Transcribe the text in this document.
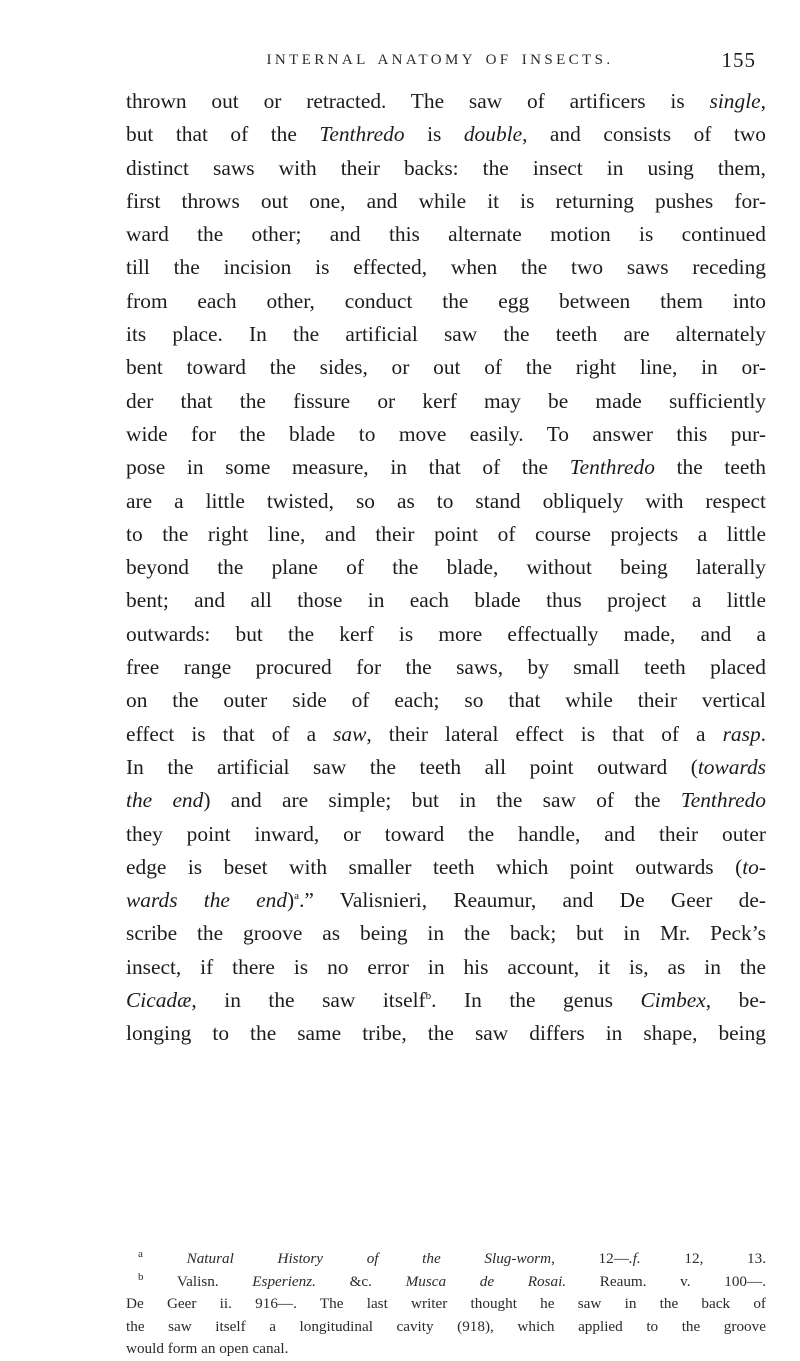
INTERNAL ANATOMY OF INSECTS.	155
thrown out or retracted. The saw of artificers is single,
but that of the Tenthredo is double, and consists of two
distinct saws with their backs: the insect in using them,
first throws out one, and while it is returning pushes for-
ward the other; and this alternate motion is continued
till the incision is effected, when the two saws receding
from each other, conduct the egg between them into
its place. In the artificial saw the teeth are alternately
bent toward the sides, or out of the right line, in or-
der that the fissure or kerf may be made sufficiently
wide for the blade to move easily. To answer this pur-
pose in some measure, in that of the Tenthredo the teeth
are a little twisted, so as to stand obliquely with respect
to the right line, and their point of course projects a little
beyond the plane of the blade, without being laterally
bent; and all those in each blade thus project a little
outwards: but the kerf is more effectually made, and a
free range procured for the saws, by small teeth placed
on the outer side of each; so that while their vertical
effect is that of a saw, their lateral effect is that of a rasp.
In the artificial saw the teeth all point outward (towards
the end) and are simple; but in the saw of the Tenthredo
they point inward, or toward the handle, and their outer
edge is beset with smaller teeth which point outwards (to-
wards the end)$^a$.” Valisnieri, Reaumur, and De Geer de-
scribe the groove as being in the back; but in Mr. Peck’s
insect, if there is no error in his account, it is, as in the
Cicadæ, in the saw itself$^b$. In the genus Cimbex, be-
longing to the same tribe, the saw differs in shape, being
$^a$	Natural History of the Slug-worm, 12—.f. 12, 13.
$^b$ Valisn. Esperienz. &c. Musca de Rosai. Reaum. v. 100—.
De Geer ii. 916—. The last writer thought he saw in the back of
the saw itself a longitudinal cavity (918), which applied to the groove
would form an open canal.
